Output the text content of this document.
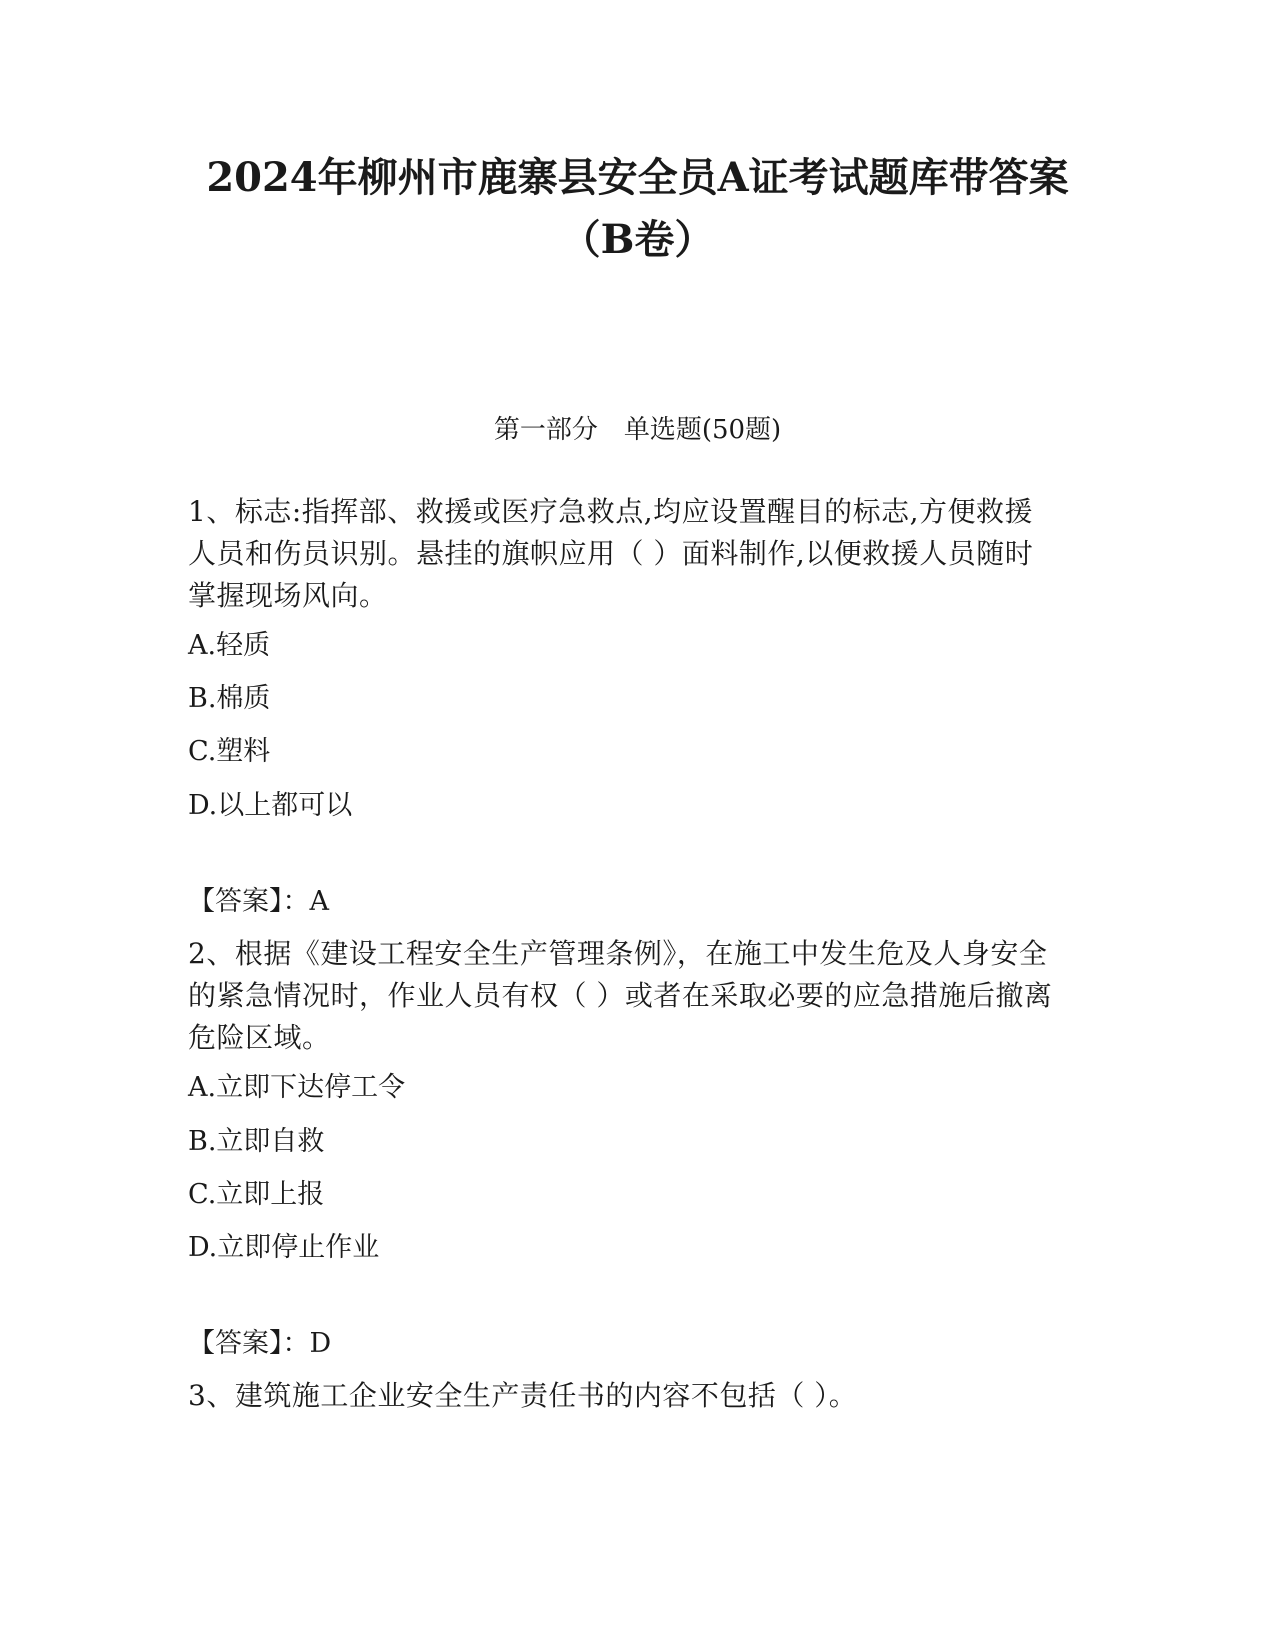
2024年柳州市鹿寨县安全员A证考试题库带答案
（B卷）
第一部分　单选题(50题)
1、标志:指挥部、救援或医疗急救点,均应设置醒目的标志,方便救援
人员和伤员识别。悬挂的旗帜应用（ ）面料制作,以便救援人员随时
掌握现场风向。
A.轻质
B.棉质
C.塑料
D.以上都可以
【答案】：A
2、根据《建设工程安全生产管理条例》，在施工中发生危及人身安全
的紧急情况时，作业人员有权（ ）或者在采取必要的应急措施后撤离
危险区域。
A.立即下达停工令
B.立即自救
C.立即上报
D.立即停止作业
【答案】：D
3、建筑施工企业安全生产责任书的内容不包括（ ）。
